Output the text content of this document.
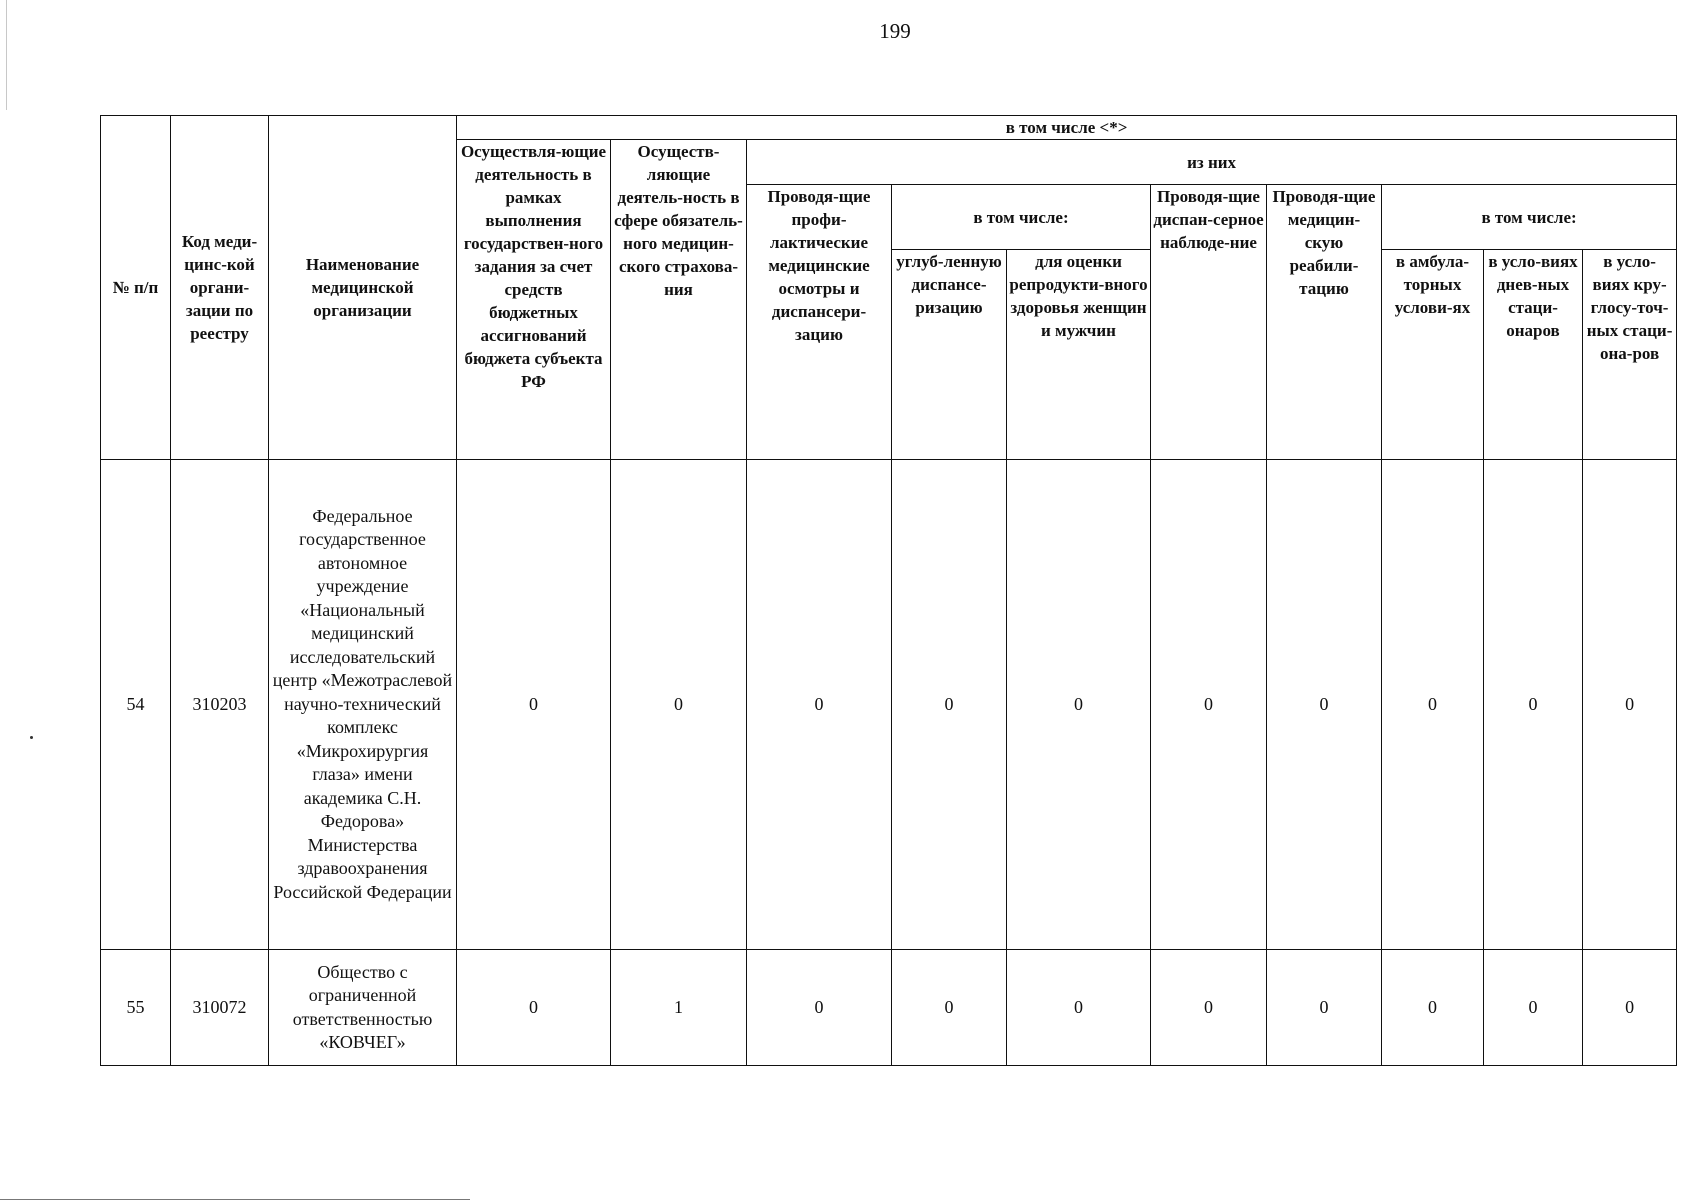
199
№ п/п	Код меди-цинс-кой органи-зации по реестру	Наименование медицинской организации	в том числе <*>									
			Осуществля-ющие деятельность в рамках выполнения государствен-ного задания за счет средств бюджетных ассигнований бюджета субъекта РФ	Осуществ-ляющие деятель-ность в сфере обязатель-ного медицин-ского страхова-ния	из них							
					Проводя-щие профи-лактические медицинские осмотры и диспансери-зацию	в том числе:		Проводя-щие диспан-серное наблюде-ние	Проводя-щие медицин-скую реабили-тацию	в том числе:		
						углуб-ленную диспансе-ризацию	для оценки репродукти-вного здоровья женщин и мужчин			в амбула-торных услови-ях	в усло-виях днев-ных стаци-онаров	в усло-виях кру-глосу-точ-ных стаци-она-ров
54	310203	Федеральное государственное автономное учреждение «Национальный медицинский исследовательский центр «Межотраслевой научно-технический комплекс «Микрохирургия глаза» имени академика С.Н. Федорова» Министерства здравоохранения Российской Федерации	0	0	0	0	0	0	0	0	0	0
55	310072	Общество с ограниченной ответственностью «КОВЧЕГ»	0	1	0	0	0	0	0	0	0	0
